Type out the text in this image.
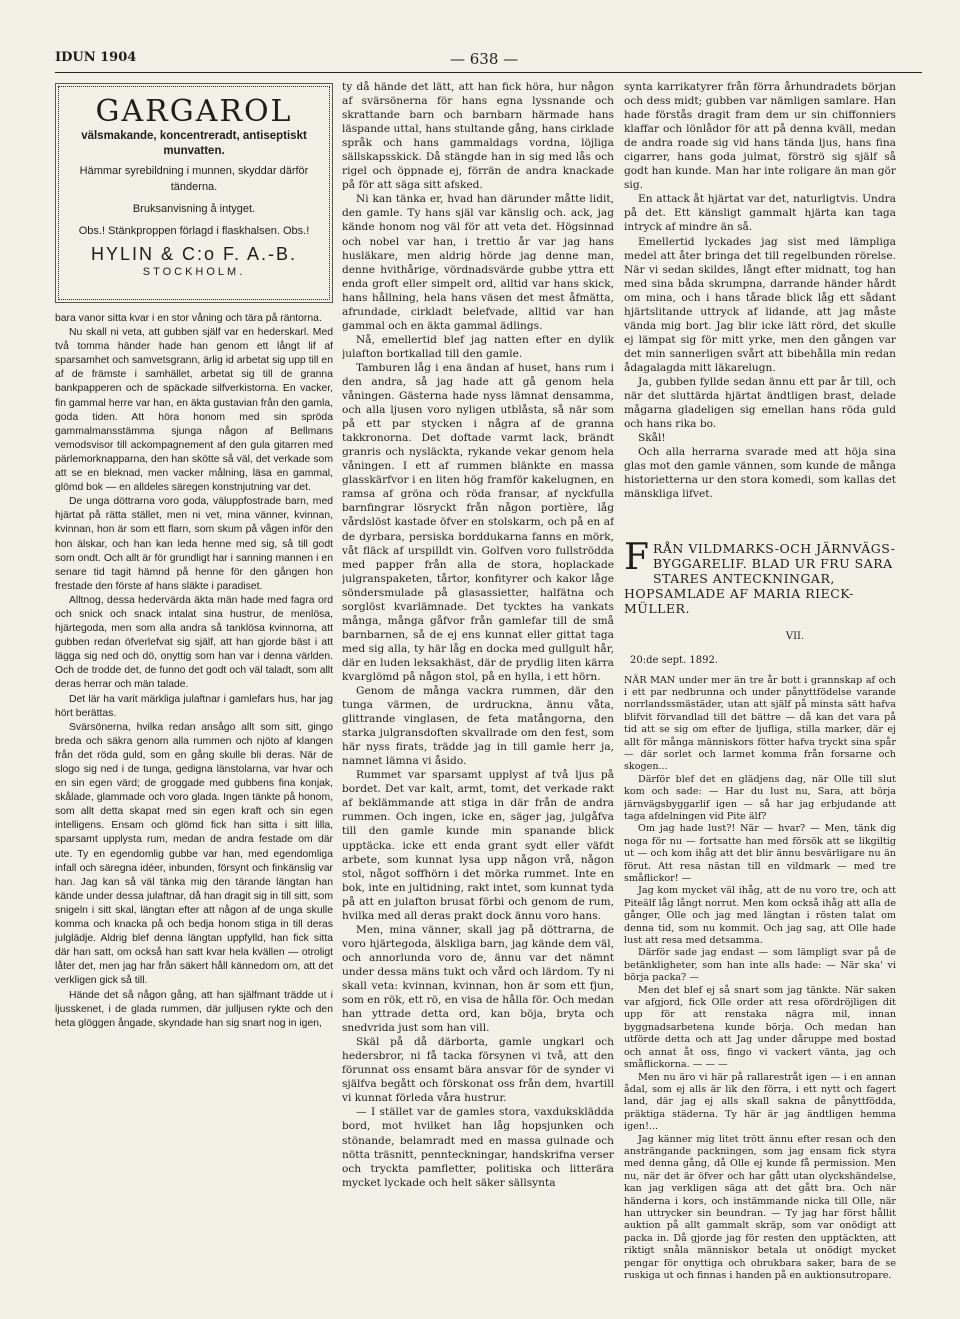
IDUN 1904	— 638 —
GARGAROL
välsmakande, koncentreradt, antiseptiskt munvatten.
Hämmar syrebildning i munnen, skyddar därför tänderna.
Bruksanvisning å intyget.
Obs.! Stänkproppen förlagd i flaskhalsen. Obs.!
HYLIN & C:o F. A.-B.
STOCKHOLM.

bara vanor sitta kvar i en stor våning och tära på räntorna.

Nu skall ni veta, att gubben själf var en hederskarl. Med två tomma händer hade han genom ett långt lif af sparsamhet och samvetsgrann, ärlig id arbetat sig upp till en af de främste i samhället, arbetat sig till de granna bankpapperen och de späckade silfverkistorna. En vacker, fin gammal herre var han, en äkta gustavian från den gamla, goda tiden. Att höra honom med sin spröda gammalmansstämma sjunga någon af Bellmans vemodsvisor till ackompagnement af den gula gitarren med pärlemorknapparna, den han skötte så väl, det verkade som att se en bleknad, men vacker målning, läsa en gammal, glömd bok — en alldeles säregen konstnjutning var det.

De unga döttrarna voro goda, väluppfostrade barn, med hjärtat på rätta stället, men ni vet, mina vänner, kvinnan, kvinnan, hon är som ett flarn, som skum på vågen inför den hon älskar, och han kan leda henne med sig, så till godt som ondt. Och allt är för grundligt har i sanning mannen i en senare tid tagit hämnd på henne för den gången hon frestade den förste af hans släkte i paradiset.

Alltnog, dessa hedervärda äkta män hade med fagra ord och snick och snack intalat sina hustrur, de menlösa, hjärtegoda, men som alla andra så tanklösa kvinnorna, att gubben redan öfverlefvat sig själf, att han gjorde bäst i att lägga sig ned och dö, onyttig som han var i denna världen. Och de trodde det, de funno det godt och väl taladt, som allt deras herrar och män talade.

Det lär ha varit märkliga julaftnar i gamlefars hus, har jag hört berättas.

Svärsönerna, hvilka redan ansågo allt som sitt, gingo breda och säkra genom alla rummen och njöto af klangen från det röda guld, som en gång skulle bli deras. När de slogo sig ned i de tunga, gedigna länstolarna, var hvar och en sin egen värd; de groggade med gubbens fina konjak, skålade, glammade och voro glada. Ingen tänkte på honom, som allt detta skapat med sin egen kraft och sin egen intelligens. Ensam och glömd fick han sitta i sitt lilla, sparsamt upplysta rum, medan de andra festade om där ute. Ty en egendomlig gubbe var han, med egendomliga infall och säregna idéer, inbunden, försynt och finkänslig var han. Jag kan så väl tänka mig den tärande längtan han kände under dessa julaftnar, då han dragit sig in till sitt, som snigeln i sitt skal, längtan efter att någon af de unga skulle komma och knacka på och bedja honom stiga in till deras julglädje. Aldrig blef denna längtan uppfylld, han fick sitta där han satt, om också han satt kvar hela kvällen — otroligt låter det, men jag har från säkert håll kännedom om, att det verkligen gick så till.

Hände det så någon gång, att han själfmant trädde ut i ljusskenet, i de glada rummen, där julljusen rykte och den heta glöggen ångade, skyndade han sig snart nog in igen,

ty då hände det lätt, att han fick höra, hur någon af svärsönerna för hans egna lyssnande och skrattande barn och barnbarn härmade hans läspande uttal, hans stultande gång, hans cirklade språk och hans gammaldags vordna, löjliga sällskapsskick. Då stängde han in sig med lås och rigel och öppnade ej, förrän de andra knackade på för att säga sitt afsked.

Ni kan tänka er, hvad han därunder måtte lidit, den gamle. Ty hans själ var känslig och. ack, jag kände honom nog väl för att veta det. Högsinnad och nobel var han, i trettio år var jag hans husläkare, men aldrig hörde jag denne man, denne hvithårige, vördnadsvärde gubbe yttra ett enda groft eller simpelt ord, alltid var hans skick, hans hållning, hela hans väsen det mest åfmätta, afrundade, cirkladt belefvade, alltid var han gammal och en äkta gammal ädlings.

Nå, emellertid blef jag natten efter en dylik julafton bortkallad till den gamle.

Tamburen låg i ena ändan af huset, hans rum i den andra, så jag hade att gå genom hela våningen. Gästerna hade nyss lämnat densamma, och alla ljusen voro nyligen utblåsta, så när som på ett par stycken i några af de granna takkronorna. Det doftade varmt lack, brändt granris och nysläckta, rykande vekar genom hela våningen. I ett af rummen blänkte en massa glasskärfvor i en liten hög framför kakelugnen, en ramsa af gröna och röda fransar, af nyckfulla barnfingrar lösryckt från någon portière, låg vårdslöst kastade öfver en stolskarm, och på en af de dyrbara, persiska borddukarna fanns en mörk, våt fläck af urspilldt vin. Golfven voro fullströdda med papper från alla de stora, hoplackade julgranspaketen, tårtor, konfityrer och kakor låge söndersmulade på glasassietter, halfätna och sorglöst kvarlämnade. Det tycktes ha vankats många, många gåfvor från gamlefar till de små barnbarnen, så de ej ens kunnat eller gittat taga med sig alla, ty här låg en docka med gullgult hår, där en luden leksakhäst, där de prydlig liten kärra kvarglömd på någon stol, på en hylla, i ett hörn.

Genom de många vackra rummen, där den tunga värmen, de urdruckna, ännu våta, glittrande vinglasen, de feta matångorna, den starka julgransdoften skvallrade om den fest, som här nyss firats, trädde jag in till gamle herr ja, namnet lämna vi åsido.

Rummet var sparsamt upplyst af två ljus på bordet. Det var kalt, armt, tomt, det verkade rakt af beklämmande att stiga in där från de andra rummen. Och ingen, icke en, säger jag, julgåfva till den gamle kunde min spanande blick upptäcka. icke ett enda grant sydt eller väfdt arbete, som kunnat lysa upp någon vrå, någon stol, något soffhörn i det mörka rummet. Inte en bok, inte en jultidning, rakt intet, som kunnat tyda på att en julafton brusat förbi och genom de rum, hvilka med all deras prakt dock ännu voro hans.

Men, mina vänner, skall jag på döttrarna, de voro hjärtegoda, älskliga barn, jag kände dem väl, och annorlunda voro de, ännu var det nämnt under dessa mäns tukt och vård och lärdom. Ty ni skall veta: kvinnan, kvinnan, hon är som ett fjun, som en rök, ett rö, en visa de hålla för. Och medan han yttrade detta ord, kan böja, bryta och snedvrida just som han vill.

Skäl på då därborta, gamle ungkarl och hedersbror, ni få tacka försynen vi två, att den förunnat oss ensamt bära ansvar för de synder vi själfva begått och förskonat oss från dem, hvartill vi kunnat förleda våra hustrur.

— I stället var de gamles stora, vaxduksklädda bord, mot hvilket han låg hopsjunken och stönande, belamradt med en massa gulnade och nötta träsnitt, pennteckningar, handskrifna verser och tryckta pamfletter, politiska och litterära mycket lyckade och helt säker sällsynta

synta karrikatyrer från förra århundradets början och dess midt; gubben var nämligen samlare. Han hade förstås dragit fram dem ur sin chiffonniers klaffar och lönlådor för att på denna kväll, medan de andra roade sig vid hans tända ljus, hans fina cigarrer, hans goda julmat, förströ sig själf så godt han kunde. Man har inte roligare än man gör sig.

En attack åt hjärtat var det, naturligtvis. Undra på det. Ett känsligt gammalt hjärta kan taga intryck af mindre än så.

Emellertid lyckades jag sist med lämpliga medel att åter bringa det till regelbunden rörelse. När vi sedan skildes, långt efter midnatt, tog han med sina båda skrumpna, darrande händer hårdt om mina, och i hans tårade blick låg ett sådant hjärtslitande uttryck af lidande, att jag måste vända mig bort. Jag blir icke lätt rörd, det skulle ej lämpat sig för mitt yrke, men den gången var det min sannerligen svårt att bibehålla min redan ådagalagda mitt läkarelugn.

Ja, gubben fyllde sedan ännu ett par år till, och när det sluttärda hjärtat ändtligen brast, delade mågarna gladeligen sig emellan hans röda guld och hans rika bo.

Skål!

Och alla herrarna svarade med att höja sina glas mot den gamle vännen, som kunde de många historietterna ur den stora komedi, som kallas det mänskliga lifvet.

F RÅN VILDMARKS-OCH JÄRNVÄGS-BYGGARELIF. BLAD UR FRU SARA STARES ANTECKNINGAR, HOPSAMLADE AF MARIA RIECK-MÜLLER.
VII.
20:de sept. 1892.

NÄR MAN under mer än tre år bott i grannskap af och i ett par nedbrunna och under pånyttfödelse varande norrlandssmästäder, utan att själf på minsta sätt hafva blifvit förvandlad till det bättre — då kan det vara på tid att se sig om efter de ljufliga, stilla marker, där ej allt för många människors fötter hafva tryckt sina spår — där sorlet och larmet komma från forsarne och skogen...

Därför blef det en glädjens dag, när Olle till slut kom och sade: — Har du lust nu, Sara, att börja järnvägsbyggarlif igen — så har jag erbjudande att taga afdelningen vid Pite älf?

Om jag hade lust?! När — hvar? — Men, tänk dig noga för nu — fortsatte han med försök att se likgiltig ut — och kom ihåg att det blir ännu besvärligare nu än förut. Att resa nästan till en vildmark — med tre småflickor! —

Jag kom mycket väl ihåg, att de nu voro tre, och att Piteälf låg långt norrut. Men kom också ihåg att alla de gånger, Olle och jag med längtan i rösten talat om denna tid, som nu kommit. Och jag sag, att Olle hade lust att resa med detsamma.

Därför sade jag endast — som lämpligt svar på de betänkligheter, som han inte alls hade: — När ska' vi börja packa? —

Men det blef ej så snart som jag tänkte. När saken var afgjord, fick Olle order att resa ofördröjligen dit upp för att renstaka nägra mil, innan byggnadsarbetena kunde börja. Och medan han utförde detta och att Jag under dåruppe med bostad och annat åt oss, fingo vi vackert vänta, jag och småflickorna. — — —

Men nu äro vi här på rallarestråt igen — i en annan ådal, som ej alls är lik den förra, i ett nytt och fagert land, där jag ej alls skall sakna de pånyttfödda, präktiga städerna. Ty här är jag ändtligen hemma igen!...

Jag känner mig litet trött ännu efter resan och den ansträngande packningen, som jag ensam fick styra med denna gång, då Olle ej kunde få permission. Men nu, när det är öfver och har gått utan olyckshändelse, kan jag verkligen säga att det gått bra. Och när händerna i kors, och instämmande nicka till Olle, när han uttrycker sin beundran. — Ty jag har först hållit auktion på allt gammalt skräp, som var onödigt att packa in. Då gjorde jag för resten den upptäckten, att riktigt snåla människor betala ut onödigt mycket pengar för onyttiga och obrukbara saker, bara de se ruskiga ut och finnas i handen på en auktionsutropare.
